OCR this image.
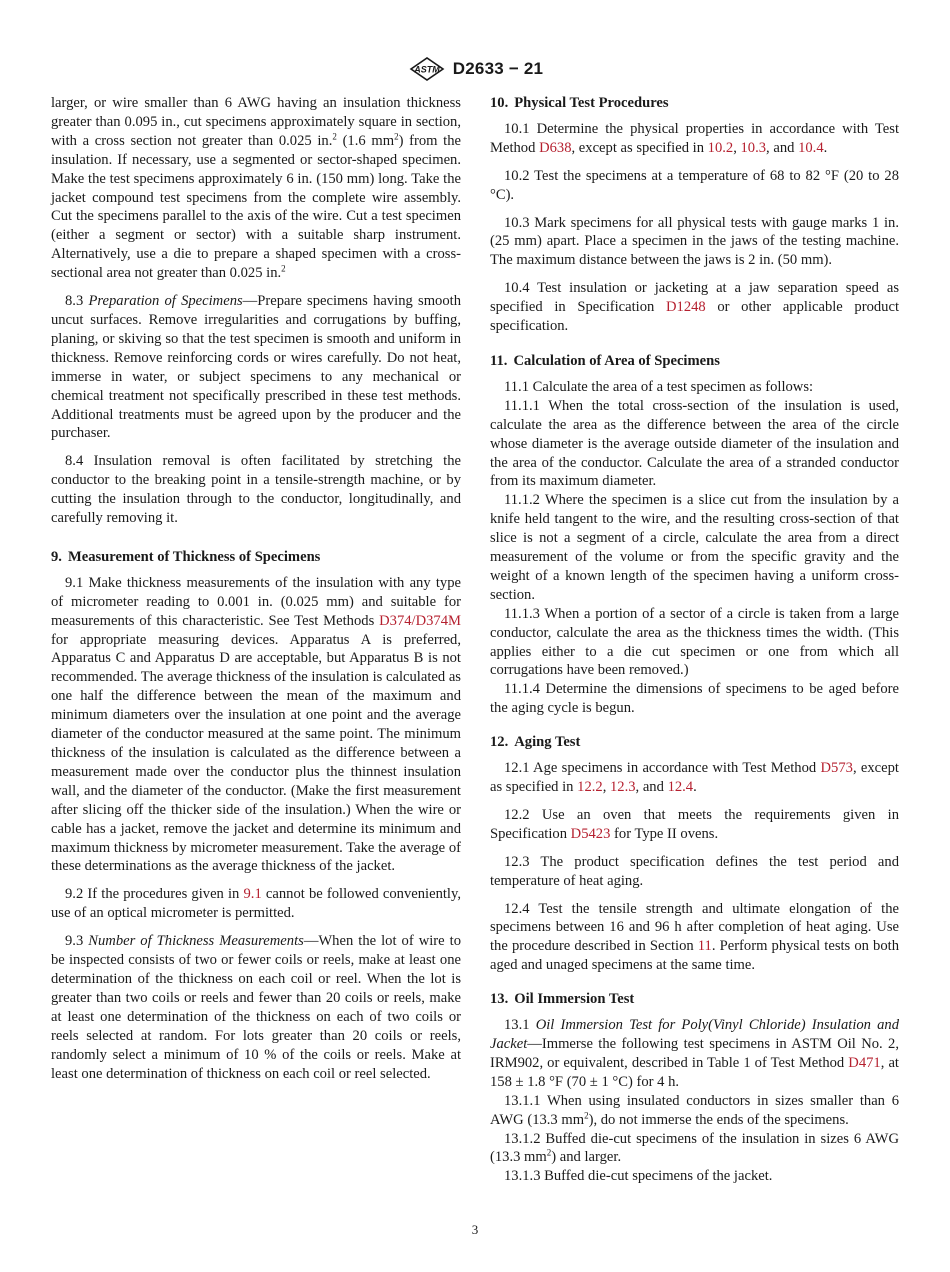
ASTM D2633 − 21

larger, or wire smaller than 6 AWG having an insulation thickness greater than 0.095 in., cut specimens approximately square in section, with a cross section not greater than 0.025 in.$^2$ (1.6 $mm^2$) from the insulation. If necessary, use a segmented or sector-shaped specimen. Make the test specimens approximately 6 in. (150 mm) long. Take the jacket compound test specimens from the complete wire assembly. Cut the specimens parallel to the axis of the wire. Cut a test specimen (either a segment or sector) with a suitable sharp instrument. Alternatively, use a die to prepare a shaped specimen with a cross-sectional area not greater than 0.025 in.$^2$

8.3 Preparation of Specimens—Prepare specimens having smooth uncut surfaces. Remove irregularities and corrugations by buffing, planing, or skiving so that the test specimen is smooth and uniform in thickness. Remove reinforcing cords or wires carefully. Do not heat, immerse in water, or subject specimens to any mechanical or chemical treatment not specifically prescribed in these test methods. Additional treatments must be agreed upon by the producer and the purchaser.

8.4 Insulation removal is often facilitated by stretching the conductor to the breaking point in a tensile-strength machine, or by cutting the insulation through to the conductor, longitudinally, and carefully removing it.

9. Measurement of Thickness of Specimens

9.1 Make thickness measurements of the insulation with any type of micrometer reading to 0.001 in. (0.025 mm) and suitable for measurements of this characteristic. See Test Methods D374/D374M for appropriate measuring devices. Apparatus A is preferred, Apparatus C and Apparatus D are acceptable, but Apparatus B is not recommended. The average thickness of the insulation is calculated as one half the difference between the mean of the maximum and minimum diameters over the insulation at one point and the average diameter of the conductor measured at the same point. The minimum thickness of the insulation is calculated as the difference between a measurement made over the conductor plus the thinnest insulation wall, and the diameter of the conductor. (Make the first measurement after slicing off the thicker side of the insulation.) When the wire or cable has a jacket, remove the jacket and determine its minimum and maximum thickness by micrometer measurement. Take the average of these determinations as the average thickness of the jacket.

9.2 If the procedures given in 9.1 cannot be followed conveniently, use of an optical micrometer is permitted.

9.3 Number of Thickness Measurements—When the lot of wire to be inspected consists of two or fewer coils or reels, make at least one determination of the thickness on each coil or reel. When the lot is greater than two coils or reels and fewer than 20 coils or reels, make at least one determination of the thickness on each of two coils or reels selected at random. For lots greater than 20 coils or reels, randomly select a minimum of 10 % of the coils or reels. Make at least one determination of thickness on each coil or reel selected.

10. Physical Test Procedures

10.1 Determine the physical properties in accordance with Test Method D638, except as specified in 10.2, 10.3, and 10.4.

10.2 Test the specimens at a temperature of 68 to 82 °F (20 to 28 °C).

10.3 Mark specimens for all physical tests with gauge marks 1 in. (25 mm) apart. Place a specimen in the jaws of the testing machine. The maximum distance between the jaws is 2 in. (50 mm).

10.4 Test insulation or jacketing at a jaw separation speed as specified in Specification D1248 or other applicable product specification.

11. Calculation of Area of Specimens

11.1 Calculate the area of a test specimen as follows:

11.1.1 When the total cross-section of the insulation is used, calculate the area as the difference between the area of the circle whose diameter is the average outside diameter of the insulation and the area of the conductor. Calculate the area of a stranded conductor from its maximum diameter.

11.1.2 Where the specimen is a slice cut from the insulation by a knife held tangent to the wire, and the resulting cross-section of that slice is not a segment of a circle, calculate the area from a direct measurement of the volume or from the specific gravity and the weight of a known length of the specimen having a uniform cross-section.

11.1.3 When a portion of a sector of a circle is taken from a large conductor, calculate the area as the thickness times the width. (This applies either to a die cut specimen or one from which all corrugations have been removed.)

11.1.4 Determine the dimensions of specimens to be aged before the aging cycle is begun.

12. Aging Test

12.1 Age specimens in accordance with Test Method D573, except as specified in 12.2, 12.3, and 12.4.

12.2 Use an oven that meets the requirements given in Specification D5423 for Type II ovens.

12.3 The product specification defines the test period and temperature of heat aging.

12.4 Test the tensile strength and ultimate elongation of the specimens between 16 and 96 h after completion of heat aging. Use the procedure described in Section 11. Perform physical tests on both aged and unaged specimens at the same time.

13. Oil Immersion Test

13.1 Oil Immersion Test for Poly(Vinyl Chloride) Insulation and Jacket—Immerse the following test specimens in ASTM Oil No. 2, IRM902, or equivalent, described in Table 1 of Test Method D471, at 158 ± 1.8 °F (70 ± 1 °C) for 4 h.

13.1.1 When using insulated conductors in sizes smaller than 6 AWG (13.3 $mm^2$), do not immerse the ends of the specimens.

13.1.2 Buffed die-cut specimens of the insulation in sizes 6 AWG (13.3 $mm^2$) and larger.

13.1.3 Buffed die-cut specimens of the jacket.

3
